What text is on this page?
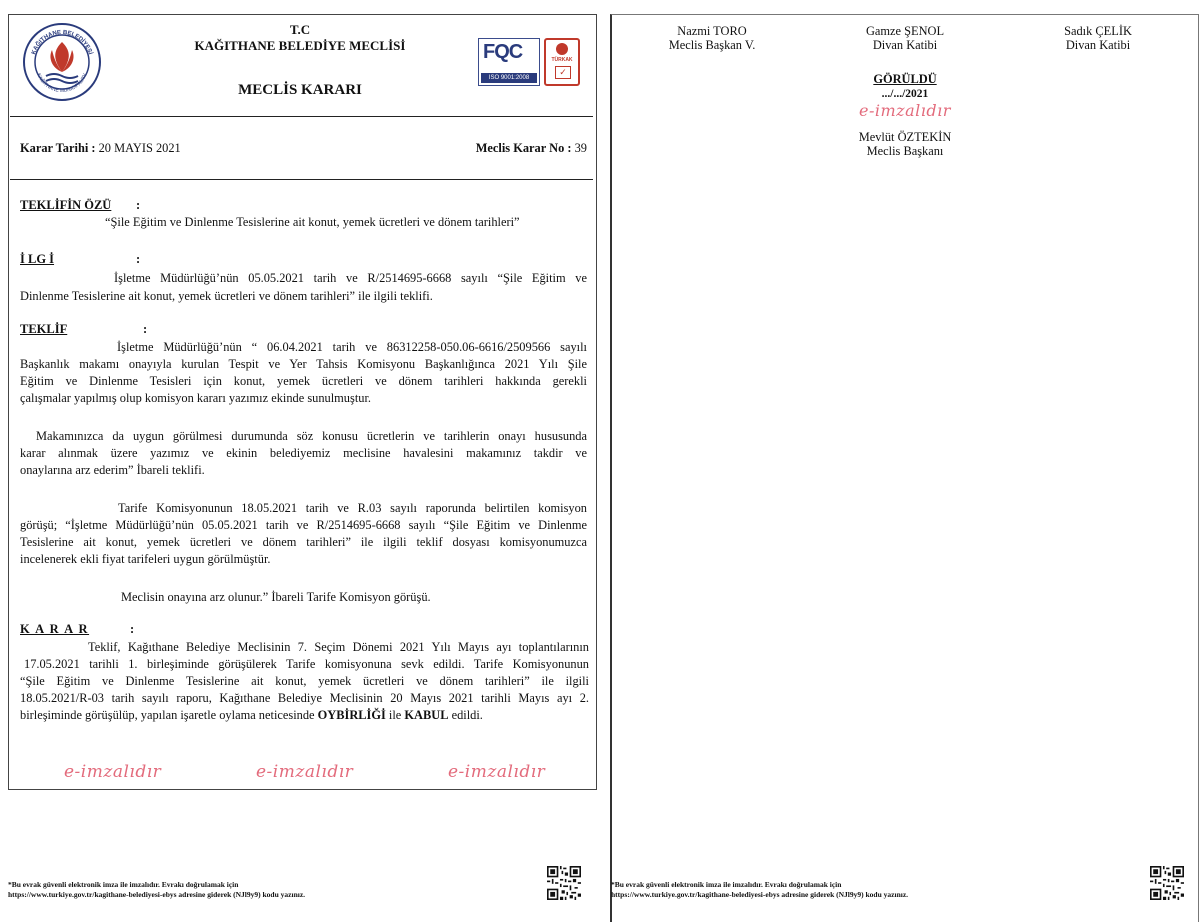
KAĞITHANE BELEDİYESİ
KAĞITHANE MUNICIPALITY
T.C
KAĞITHANE BELEDİYE MECLİSİ
MECLİS KARARI
FQC
ISO 9001:2008
TÜRKAK
✓
Karar Tarihi : 20 MAYIS 2021	Meclis Karar No : 39
TEKLİFİN ÖZÜ :
“Şile Eğitim ve Dinlenme Tesislerine ait konut, yemek ücretleri ve dönem tarihleri”
İ LG İ	:
İşletme Müdürlüğü’nün 05.05.2021 tarih ve R/2514695-6668 sayılı “Şile Eğitim ve
Dinlenme Tesislerine ait konut, yemek ücretleri ve dönem tarihleri” ile ilgili teklifi.
TEKLİF	:
İşletme Müdürlüğü’nün “ 06.04.2021 tarih ve 86312258-050.06-6616/2509566 sayılı
Başkanlık makamı onayıyla kurulan Tespit ve Yer Tahsis Komisyonu Başkanlığınca 2021 Yılı Şile
Eğitim ve Dinlenme Tesisleri için konut, yemek ücretleri ve dönem tarihleri hakkında gerekli
çalışmalar yapılmış olup komisyon kararı yazımız ekinde sunulmuştur.
Makamınızca da uygun görülmesi durumunda söz konusu ücretlerin ve tarihlerin onayı hususunda
karar alınmak üzere yazımız ve ekinin belediyemiz meclisine havalesini makamınız takdir ve
onaylarına arz ederim” İbareli teklifi.
Tarife Komisyonunun 18.05.2021 tarih ve R.03 sayılı raporunda belirtilen komisyon
görüşü; “İşletme Müdürlüğü’nün 05.05.2021 tarih ve R/2514695-6668 sayılı “Şile Eğitim ve Dinlenme
Tesislerine ait konut, yemek ücretleri ve dönem tarihleri” ile ilgili teklif dosyası komisyonumuzca
incelenerek ekli fiyat tarifeleri uygun görülmüştür.
Meclisin onayına arz olunur.” İbareli Tarife Komisyon görüşü.
K A R A R	:
Teklif, Kağıthane Belediye Meclisinin 7. Seçim Dönemi 2021 Yılı Mayıs ayı toplantılarının
17.05.2021 tarihli 1. birleşiminde görüşülerek Tarife komisyonuna sevk edildi. Tarife Komisyonunun
“Şile Eğitim ve Dinlenme Tesislerine ait konut, yemek ücretleri ve dönem tarihleri” ile ilgili
18.05.2021/R-03 tarih sayılı raporu, Kağıthane Belediye Meclisinin 20 Mayıs 2021 tarihli Mayıs ayı 2.
birleşiminde görüşülüp, yapılan işaretle oylama neticesinde OYBİRLİĞİ ile KABUL edildi.
e-imzalıdır	e-imzalıdır	e-imzalıdır
*Bu evrak güvenli elektronik imza ile imzalıdır. Evrakı doğrulamak için
https://www.turkiye.gov.tr/kagithane-belediyesi-ebys adresine giderek (NJl9y9) kodu yazınız.
Nazmi TORO
Meclis Başkan V.
Gamze ŞENOL
Divan Katibi
Sadık ÇELİK
Divan Katibi
GÖRÜLDÜ
.../.../2021
e-imzalıdır
Mevlüt ÖZTEKİN
Meclis Başkanı
*Bu evrak güvenli elektronik imza ile imzalıdır. Evrakı doğrulamak için
https://www.turkiye.gov.tr/kagithane-belediyesi-ebys adresine giderek (NJl9y9) kodu yazınız.
